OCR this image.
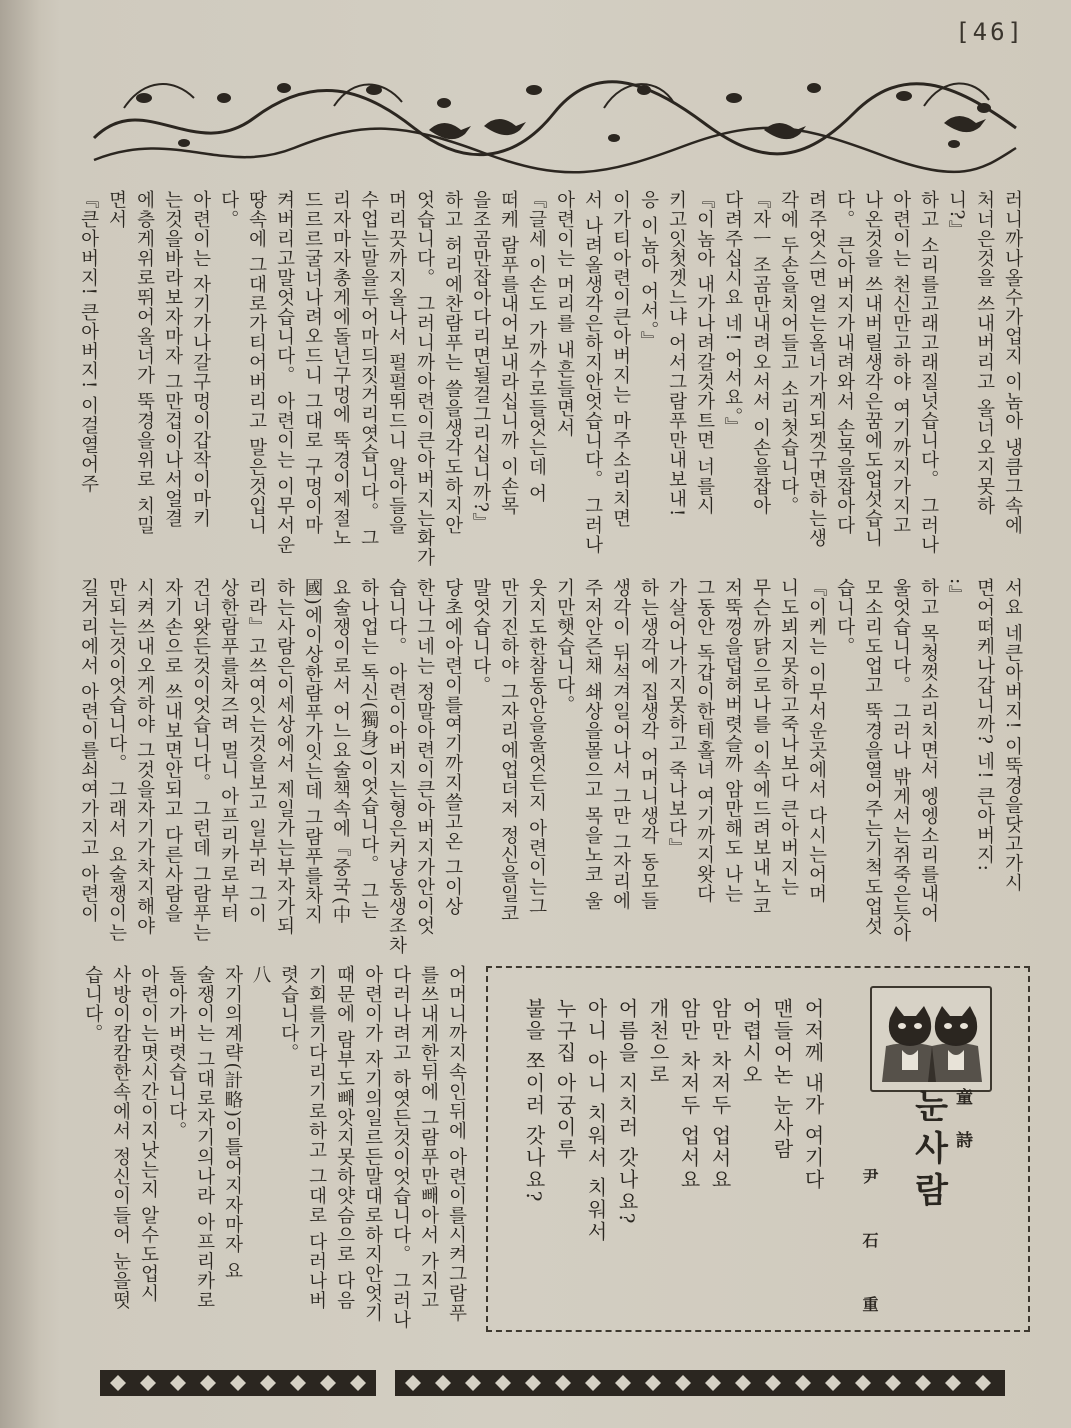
[46]
러니까나올수가업지 이놈아 냉큼그속에
처너은것을 쓰내버리고 올너오지못하
니?』
하고 소리를고래고래질넛습니다。 그러나
아련이는 천신만고하야 여기까지가지고
나온것을 쓰내버릴생각은꿈에도업섯습니
다。 큰아버지가내려와서 손목을잡아다
려주엇스면 얼는올너가게되겟구면하는생
각에 두손을치어들고 소리첫습니다。
『자ㅡ 조곰만내려오서서 이손을잡아
다려주십시요 네! 어서요。』
『이놈아 내가나려갈것가트면 너를시
키고잇첫겟느냐 어서그람푸만내보내!
응 이놈아 어서。』
이가티아련이큰아버지는 마주소리치면
서 나려올생각은하지안엇습니다。 그러나
아련이는 머리를 내흔들면서
『글세 이손도 가까수로들엇는데 어
떠케 람푸를내어보내라십니까 이손목
을조곰만잡아다리면될걸그리십니까?』
하고 허리에찬람푸는 쓸을생각도하지안
엇습니다。 그러니까아련이큰아버지는화가
머리끗까지올나서 펄펄뛰드니 알아들을
수업는말을두어마듸짓거리엿습니다。 그
리자마자총게에돌넌구멍에 뚝경이제절노
드르르굴너나려오드니 그대로 구멍이마
켜버리고말엇습니다。 아련이는 이무서운
땅속에 그대로가티어버리고 말은것입니
다。
아련이는 자기가나갈구멍이갑작이마키
는것을바라보자마자 그만겁이나서얼결
에층게위로뛰어올너가 뚝경을위로 치밀
면서
『큰아버지! 큰아버지! 이걸열어주
서요 네큰아버지! 이뚝경을닷고가시
면어떠케나갑니까? 네! 큰아버지:
:』
하고 목청껏소리치면서 엥엥소리를내어
울엇습니다。 그러나 밖게서는쥐죽은듯아
모소리도업고 뚝경을열어주는기척도업섯
습니다。
『이케는 이무서운곳에서 다시는어머
니도뵈지못하고죽나보다 큰아버지는
무슨까닭으로나를 이속에드려보내노코
저뚝껑을덥허버렷슬까 암만해도 나는
그동안 독갑이한테홀녀 여기까지왓다
가살어나가지못하고 죽나보다』
하는생각에 집생각 어머니생각 동모들
생각이 뒤석겨일어나서 그만 그자리에
주저안즌채 쇄상을몰으고 목을노코 울
기만햇습니다。
웃지도한참동안을울엇든지 아련이는그
만기진하야 그자리에업더저 정신을일코
말엇습니다。
당초에아련이를여기까지쓸고온 그이상
한나그네는 정말아련이큰아버지가안이엇
습니다。 아련이아버지는형은커냥동생조차
하나업는 독신(獨身)이엇습니다。 그는
요술쟁이로서 어느요술책속에『중국(中
國)에이상한람푸가잇는데 그람푸를차지
하는사람은이세상에서 제일가는부자가되
리라』고쓰여잇는것을보고 일부러 그이
상한람푸를차즈려 멀니 아프리카로부터
건너왓든것이엇습니다。 그런데 그람푸는
자기손으로 쓰내보면안되고 다른사람을
시켜쓰내오게하야 그것을자기가차지해야
만되는것이엇습니다。 그래서 요술쟁이는
길거리에서 아련이를쇠여가지고 아련이
어머니까지속인뒤에 아련이를시켜그람푸
를쓰내게한뒤에 그람푸만빼아서 가지고
다러나려고 하엿든것이엇습니다。 그러나
아련이가 자기의일르든말대로하지안엇기
때문에 람부도빼앗지못하얏슴으로 다음
기회를기다리기로하고 그대로 다러나버
렷습니다。
八
자기의계략(計略)이틀어지자마자 요
술쟁이는 그대로자기의나라 아프리카로
돌아가버렷습니다。
아련이는몃시간이지낫는지 알수도업시
사방이캄캄한속에서 정신이들어 눈을떳
습니다。
童 詩
눈사람
尹
石
重
어저께 내가 여기다
맨들어논 눈사람
어렵시오
암만 차저두 업서요
암만 차저두 업서요
개천으로
어름을 지치러 갓나요?
아니 아니 치워서 치워서
누구집 아궁이루
불을 쪼이러 갓나요?
